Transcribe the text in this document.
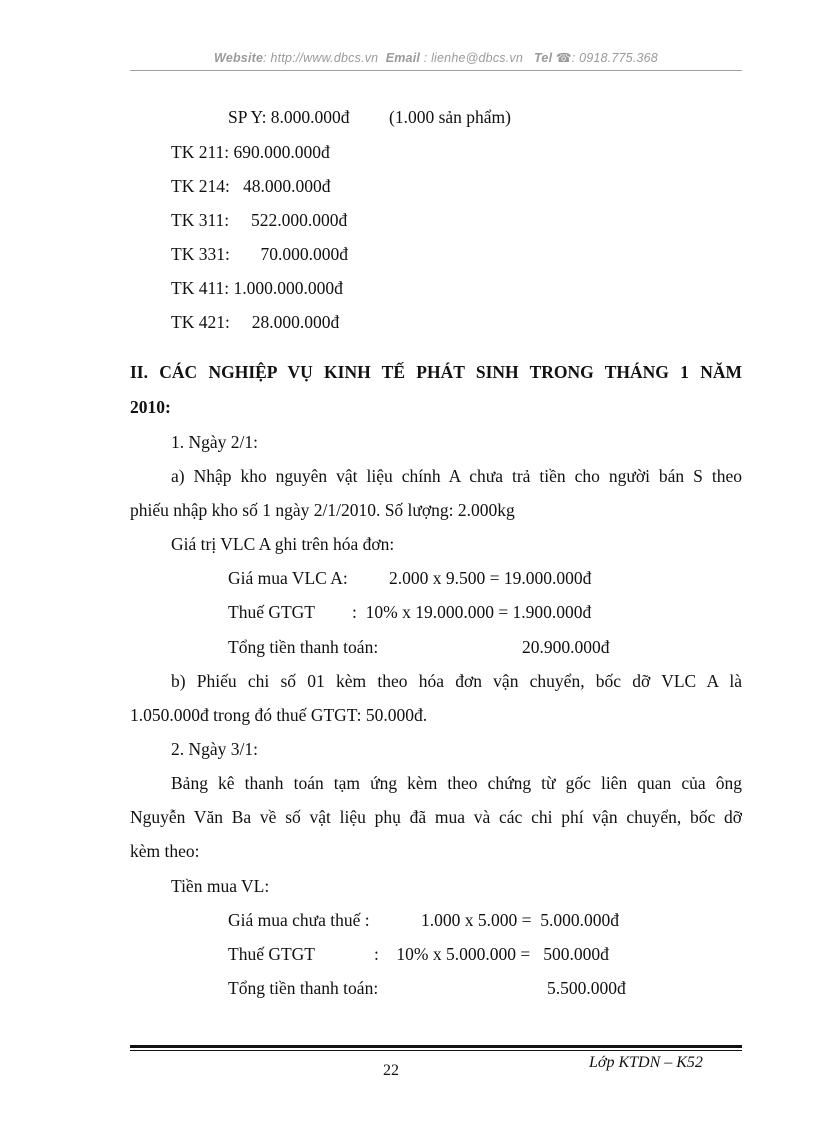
Website: http://www.dbcs.vn Email : lienhe@dbcs.vn Tel ☎: 0918.775.368
SP Y: 8.000.000đ (1.000 sản phẩm)
TK 211: 690.000.000đ
TK 214:   48.000.000đ
TK 311:     522.000.000đ
TK 331:       70.000.000đ
TK 411: 1.000.000.000đ
TK 421:     28.000.000đ
II. CÁC NGHIỆP VỤ KINH TẾ PHÁT SINH TRONG THÁNG 1 NĂM
2010:
1. Ngày 2/1:
a) Nhập kho nguyên vật liệu chính A chưa trả tiền cho người bán S theo
phiếu nhập kho số 1 ngày 2/1/2010. Số lượng: 2.000kg
Giá trị VLC A ghi trên hóa đơn:
Giá mua VLC A: 2.000 x 9.500 = 19.000.000đ
Thuế GTGT :  10% x 19.000.000 = 1.900.000đ
Tổng tiền thanh toán:	20.900.000đ
b) Phiếu chi số 01 kèm theo hóa đơn vận chuyển, bốc dỡ VLC A là
1.050.000đ trong đó thuế GTGT: 50.000đ.
2. Ngày 3/1:
Bảng kê thanh toán tạm ứng kèm theo chứng từ gốc liên quan của ông
Nguyễn Văn Ba về số vật liệu phụ đã mua và các chi phí vận chuyển, bốc dỡ
kèm theo:
Tiền mua VL:
Giá mua chưa thuế :	1.000 x 5.000 =  5.000.000đ
Thuế GTGT	:    10% x 5.000.000 =   500.000đ
Tổng tiền thanh toán:	5.500.000đ
22	Lớp KTDN – K52
